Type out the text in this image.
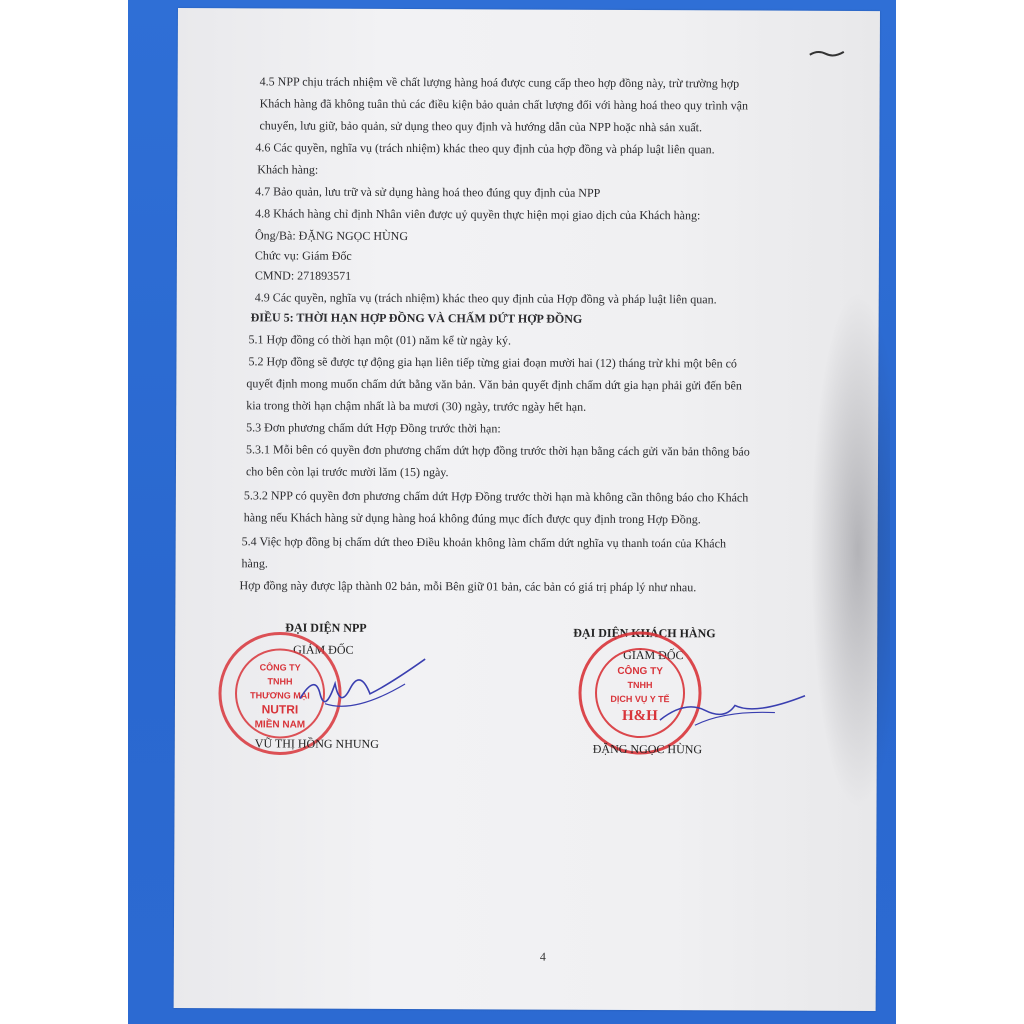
4.5 NPP chịu trách nhiệm về chất lượng hàng hoá được cung cấp theo hợp đồng này, trừ trường hợp
Khách hàng đã không tuân thủ các điều kiện bảo quản chất lượng đối với hàng hoá theo quy trình vận
chuyển, lưu giữ, bảo quản, sử dụng theo quy định và hướng dẫn của NPP hoặc nhà sản xuất.
4.6 Các quyền, nghĩa vụ (trách nhiệm) khác theo quy định của hợp đồng và pháp luật liên quan.
Khách hàng:
4.7 Bảo quản, lưu trữ và sử dụng hàng hoá theo đúng quy định của NPP
4.8 Khách hàng chỉ định Nhân viên được uỷ quyền thực hiện mọi giao dịch của Khách hàng:
Ông/Bà: ĐẶNG NGỌC HÙNG
Chức vụ: Giám Đốc
CMND: 271893571
4.9 Các quyền, nghĩa vụ (trách nhiệm) khác theo quy định của Hợp đồng và pháp luật liên quan.
ĐIỀU 5: THỜI HẠN HỢP ĐỒNG VÀ CHẤM DỨT HỢP ĐỒNG
5.1 Hợp đồng có thời hạn một (01) năm kể từ ngày ký.
5.2 Hợp đồng sẽ được tự động gia hạn liên tiếp từng giai đoạn mười hai (12) tháng trừ khi một bên có
quyết định mong muốn chấm dứt bằng văn bản. Văn bản quyết định chấm dứt gia hạn phải gửi đến bên
kia trong thời hạn chậm nhất là ba mươi (30) ngày, trước ngày hết hạn.
5.3 Đơn phương chấm dứt Hợp Đồng trước thời hạn:
5.3.1 Mỗi bên có quyền đơn phương chấm dứt hợp đồng trước thời hạn bằng cách gửi văn bản thông báo
cho bên còn lại trước mười lăm (15) ngày.
5.3.2 NPP có quyền đơn phương chấm dứt Hợp Đồng trước thời hạn mà không cần thông báo cho Khách
hàng nếu Khách hàng sử dụng hàng hoá không đúng mục đích được quy định trong Hợp Đồng.
5.4 Việc hợp đồng bị chấm dứt theo Điều khoản không làm chấm dứt nghĩa vụ thanh toán của Khách
hàng.
Hợp đồng này được lập thành 02 bản, mỗi Bên giữ 01 bản, các bản có giá trị pháp lý như nhau.
ĐẠI DIỆN NPP
GIÁM ĐỐC
CÔNG TY
TNHH
THƯƠNG MẠI
NUTRI
MIỀN NAM
VŨ THỊ HỒNG NHUNG
ĐẠI DIỆN KHÁCH HÀNG
GIÁM ĐỐC
CÔNG TY
TNHH
DỊCH VỤ Y TẾ
H&H
ĐẶNG NGỌC HÙNG
4
